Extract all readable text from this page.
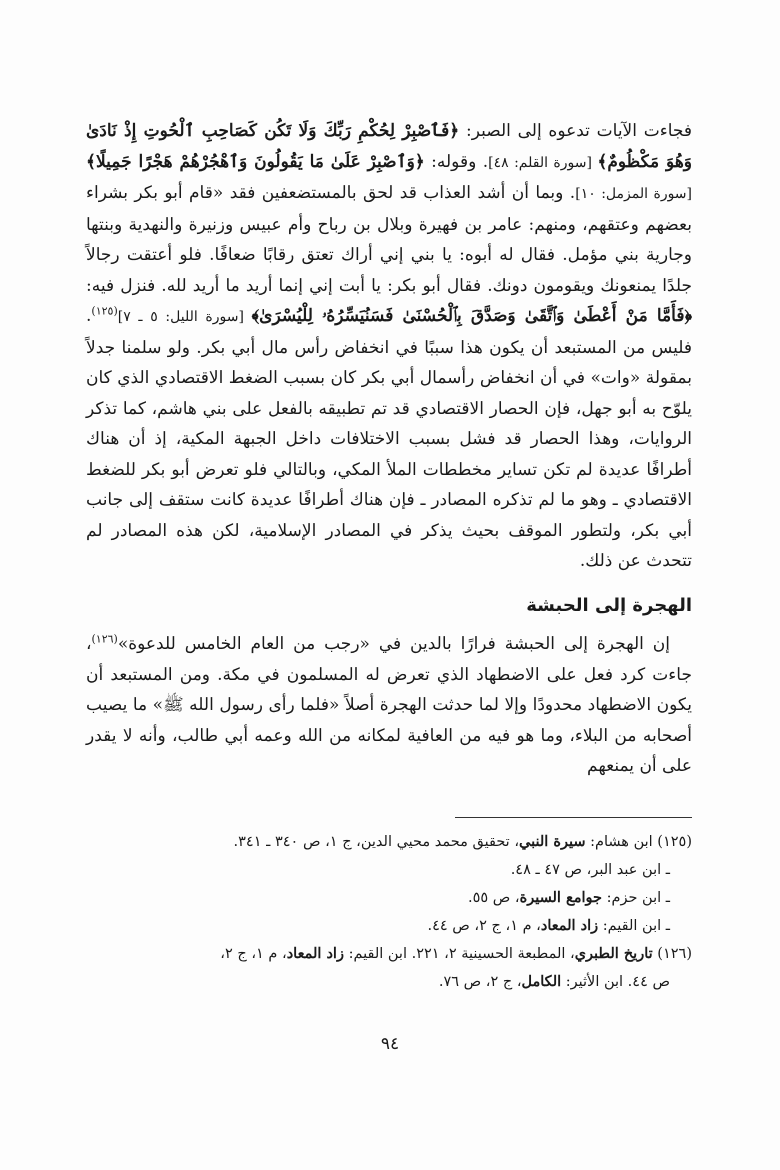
فجاءت الآيات تدعوه إلى الصبر: ﴿فَٱصْبِرْ لِحُكْمِ رَبِّكَ وَلَا تَكُن كَصَاحِبِ ٱلْحُوتِ إِذْ نَادَىٰ وَهُوَ مَكْظُومٌ﴾ [سورة القلم: ٤٨]. وقوله: ﴿وَٱصْبِرْ عَلَىٰ مَا يَقُولُونَ وَٱهْجُرْهُمْ هَجْرًا جَمِيلًا﴾ [سورة المزمل: ١٠]. وبما أن أشد العذاب قد لحق بالمستضعفين فقد «قام أبو بكر بشراء بعضهم وعتقهم، ومنهم: عامر بن فهيرة وبلال بن رباح وأم عبيس وزنيرة والنهدية وبنتها وجارية بني مؤمل. فقال له أبوه: يا بني إني أراك تعتق رقابًا ضعافًا. فلو أعتقت رجالاً جلدًا يمنعونك ويقومون دونك. فقال أبو بكر: يا أبت إني إنما أريد ما أريد لله. فنزل فيه: ﴿فَأَمَّا مَنْ أَعْطَىٰ وَٱتَّقَىٰ وَصَدَّقَ بِٱلْحُسْنَىٰ فَسَنُيَسِّرُهُۥ لِلْيُسْرَىٰ﴾ [سورة الليل: ٥ ـ ٧]$^{(١٢٥)}$. فليس من المستبعد أن يكون هذا سببًا في انخفاض رأس مال أبي بكر. ولو سلمنا جدلاً بمقولة «وات» في أن انخفاض رأسمال أبي بكر كان بسبب الضغط الاقتصادي الذي كان يلوّح به أبو جهل، فإن الحصار الاقتصادي قد تم تطبيقه بالفعل على بني هاشم، كما تذكر الروايات، وهذا الحصار قد فشل بسبب الاختلافات داخل الجبهة المكية، إذ أن هناك أطرافًا عديدة لم تكن تساير مخططات الملأ المكي، وبالتالي فلو تعرض أبو بكر للضغط الاقتصادي ـ وهو ما لم تذكره المصادر ـ فإن هناك أطرافًا عديدة كانت ستقف إلى جانب أبي بكر، ولتطور الموقف بحيث يذكر في المصادر الإسلامية، لكن هذه المصادر لم تتحدث عن ذلك.

الهجرة إلى الحبشة

إن الهجرة إلى الحبشة فرارًا بالدين في «رجب من العام الخامس للدعوة»$^{(١٢٦)}$، جاءت كرد فعل على الاضطهاد الذي تعرض له المسلمون في مكة. ومن المستبعد أن يكون الاضطهاد محدودًا وإلا لما حدثت الهجرة أصلاً «فلما رأى رسول الله ﷺ» ما يصيب أصحابه من البلاء، وما هو فيه من العافية لمكانه من الله وعمه أبي طالب، وأنه لا يقدر على أن يمنعهم

(١٢٥) ابن هشام: سيرة النبي، تحقيق محمد محيي الدين، ج ١، ص ٣٤٠ ـ ٣٤١.

ـ ابن عبد البر، ص ٤٧ ـ ٤٨.

ـ ابن حزم: جوامع السيرة، ص ٥٥.

ـ ابن القيم: زاد المعاد، م ١، ج ٢، ص ٤٤.

(١٢٦) تاريخ الطبري، المطبعة الحسينية ٢، ٢٢١. ابن القيم: زاد المعاد، م ١، ج ٢،

ص ٤٤. ابن الأثير: الكامل، ج ٢، ص ٧٦.

٩٤
